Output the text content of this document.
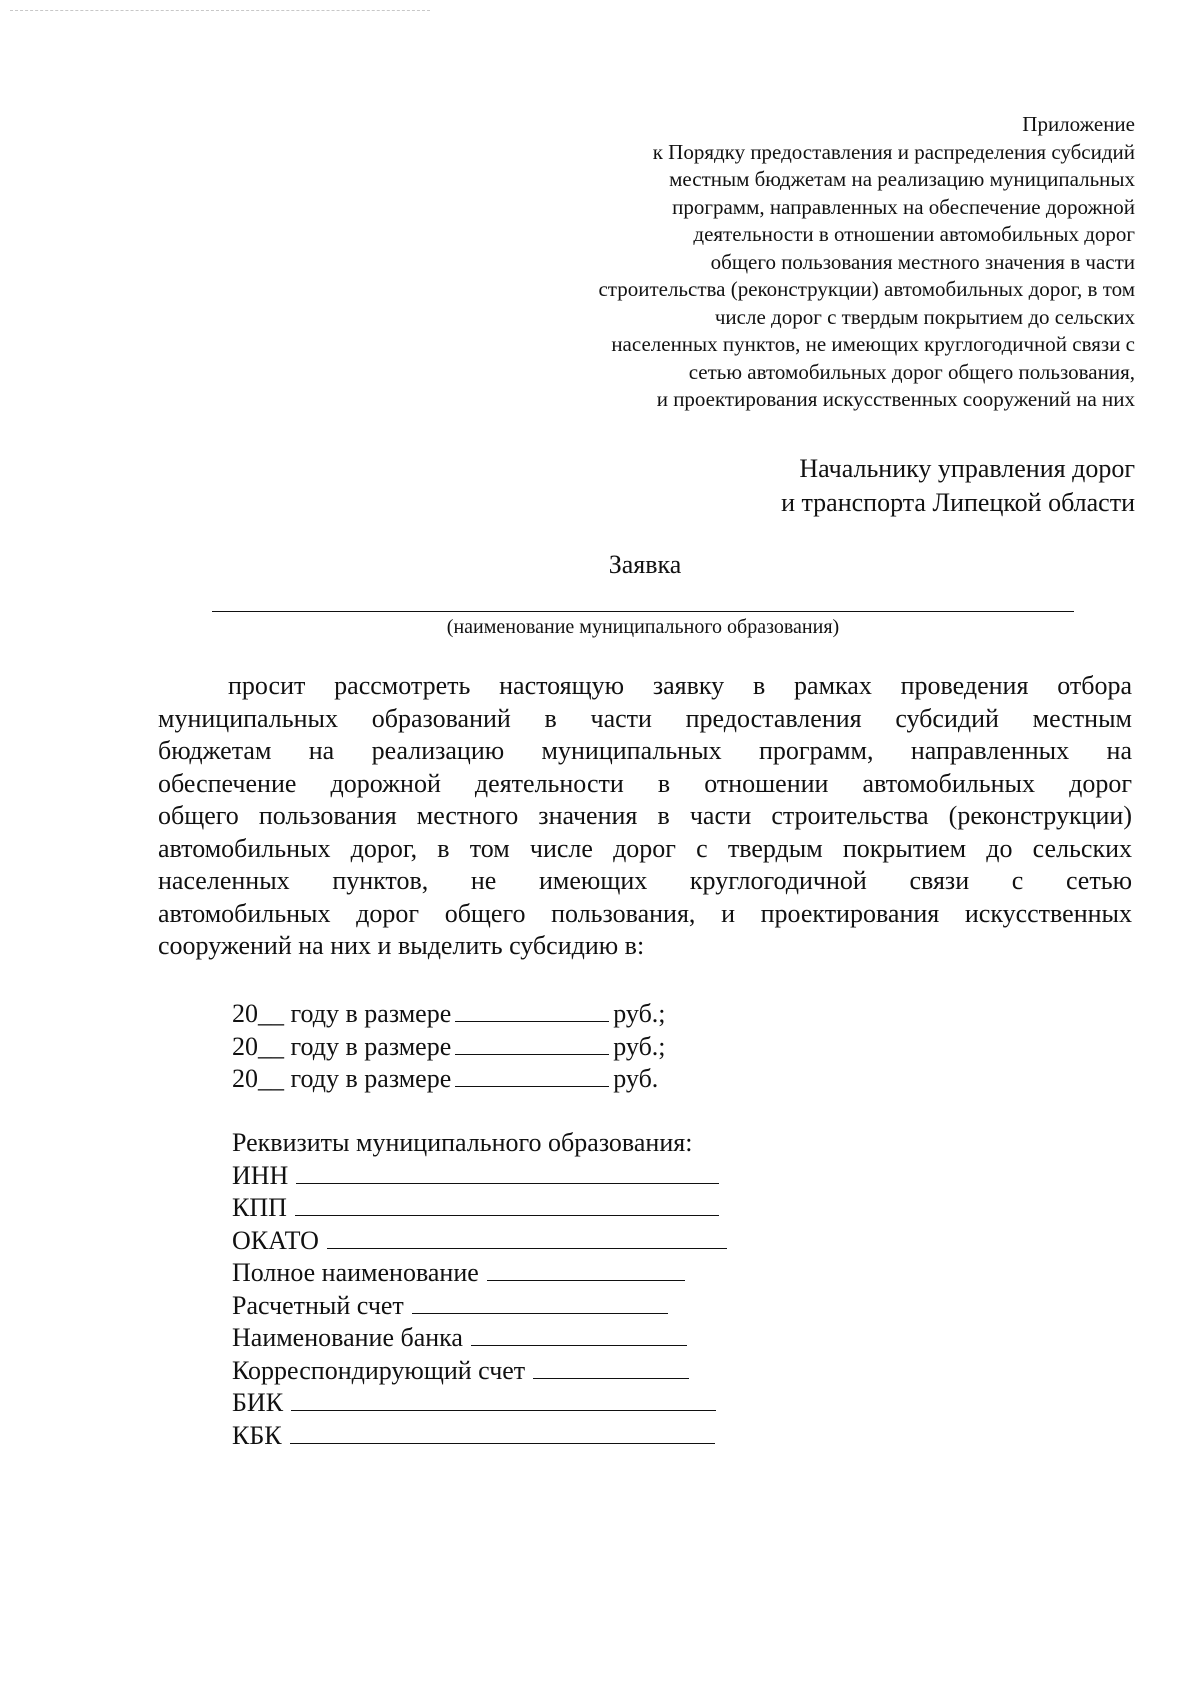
Приложение
к Порядку предоставления и распределения субсидий
местным бюджетам на реализацию муниципальных
программ, направленных на обеспечение дорожной
деятельности в отношении автомобильных дорог
общего пользования местного значения в части
строительства (реконструкции) автомобильных дорог, в том
числе дорог с твердым покрытием до сельских
населенных пунктов, не имеющих круглогодичной связи с
сетью автомобильных дорог общего пользования,
и проектирования искусственных сооружений на них
Начальнику управления дорог
и транспорта Липецкой области
Заявка
(наименование муниципального образования)
просит рассмотреть настоящую заявку в рамках проведения отбора
муниципальных образований в части предоставления субсидий местным
бюджетам на реализацию муниципальных программ, направленных на
обеспечение дорожной деятельности в отношении автомобильных дорог
общего пользования местного значения в части строительства (реконструкции)
автомобильных дорог, в том числе дорог с твердым покрытием до сельских
населенных пунктов, не имеющих круглогодичной связи с сетью
автомобильных дорог общего пользования, и проектирования искусственных
сооружений на них и выделить субсидию в:
20__
году в размере	руб.;
20__
году в размере	руб.;
20__
году в размере	руб.
Реквизиты муниципального образования:
ИНН
КПП
ОКАТО
Полное наименование
Расчетный счет
Наименование банка
Корреспондирующий счет
БИК
КБК
